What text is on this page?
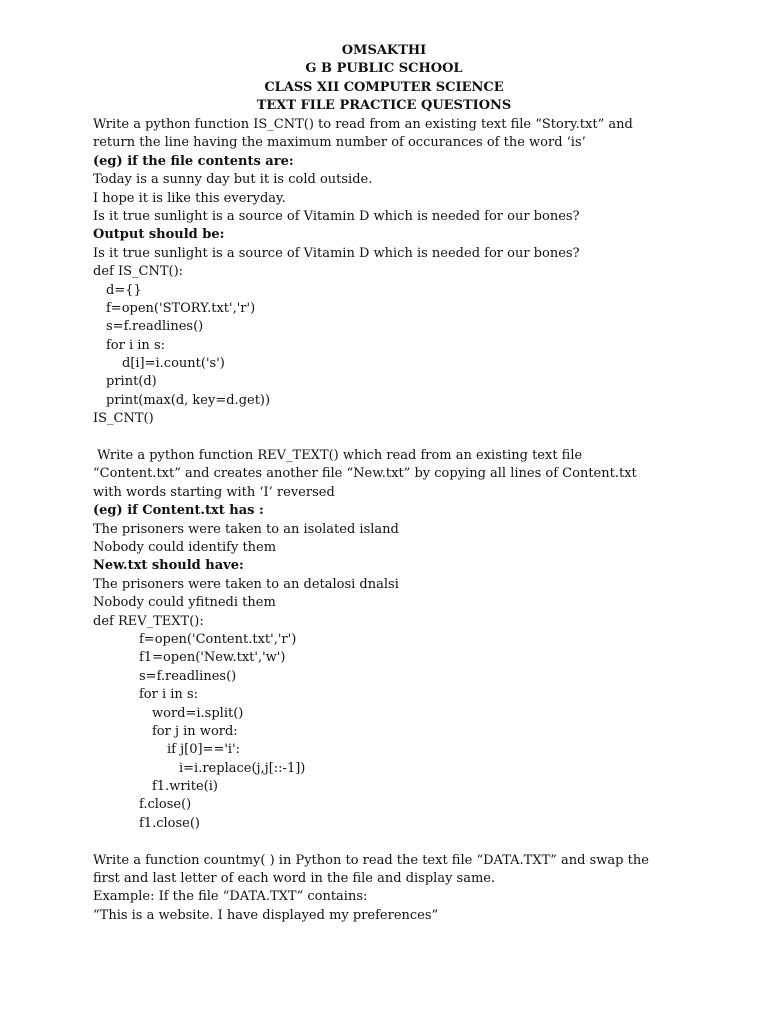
OMSAKTHI
G B PUBLIC SCHOOL
CLASS XII COMPUTER SCIENCE
TEXT FILE PRACTICE QUESTIONS
Write a python function IS_CNT() to read from an existing text file “Story.txt” and
return the line having the maximum number of occurances of the word ‘is’
(eg) if the file contents are:
Today is a sunny day but it is cold outside.
I hope it is like this everyday.
Is it true sunlight is a source of Vitamin D which is needed for our bones?
Output should be:
Is it true sunlight is a source of Vitamin D which is needed for our bones?
def IS_CNT():
d={}
f=open('STORY.txt','r')
s=f.readlines()
for i in s:
d[i]=i.count('s')
print(d)
print(max(d, key=d.get))
IS_CNT()
Write a python function REV_TEXT() which read from an existing text file
“Content.txt” and creates another file “New.txt” by copying all lines of Content.txt
with words starting with ‘I’ reversed
(eg) if Content.txt has :
The prisoners were taken to an isolated island
Nobody could identify them
New.txt should have:
The prisoners were taken to an detalosi dnalsi
Nobody could yfitnedi them
def REV_TEXT():
f=open('Content.txt','r')
f1=open('New.txt','w')
s=f.readlines()
for i in s:
word=i.split()
for j in word:
if j[0]=='i':
i=i.replace(j,j[::-1])
f1.write(i)
f.close()
f1.close()
Write a function countmy( ) in Python to read the text file “DATA.TXT” and swap the
first and last letter of each word in the file and display same.
Example: If the file “DATA.TXT” contains:
“This is a website. I have displayed my preferences”
